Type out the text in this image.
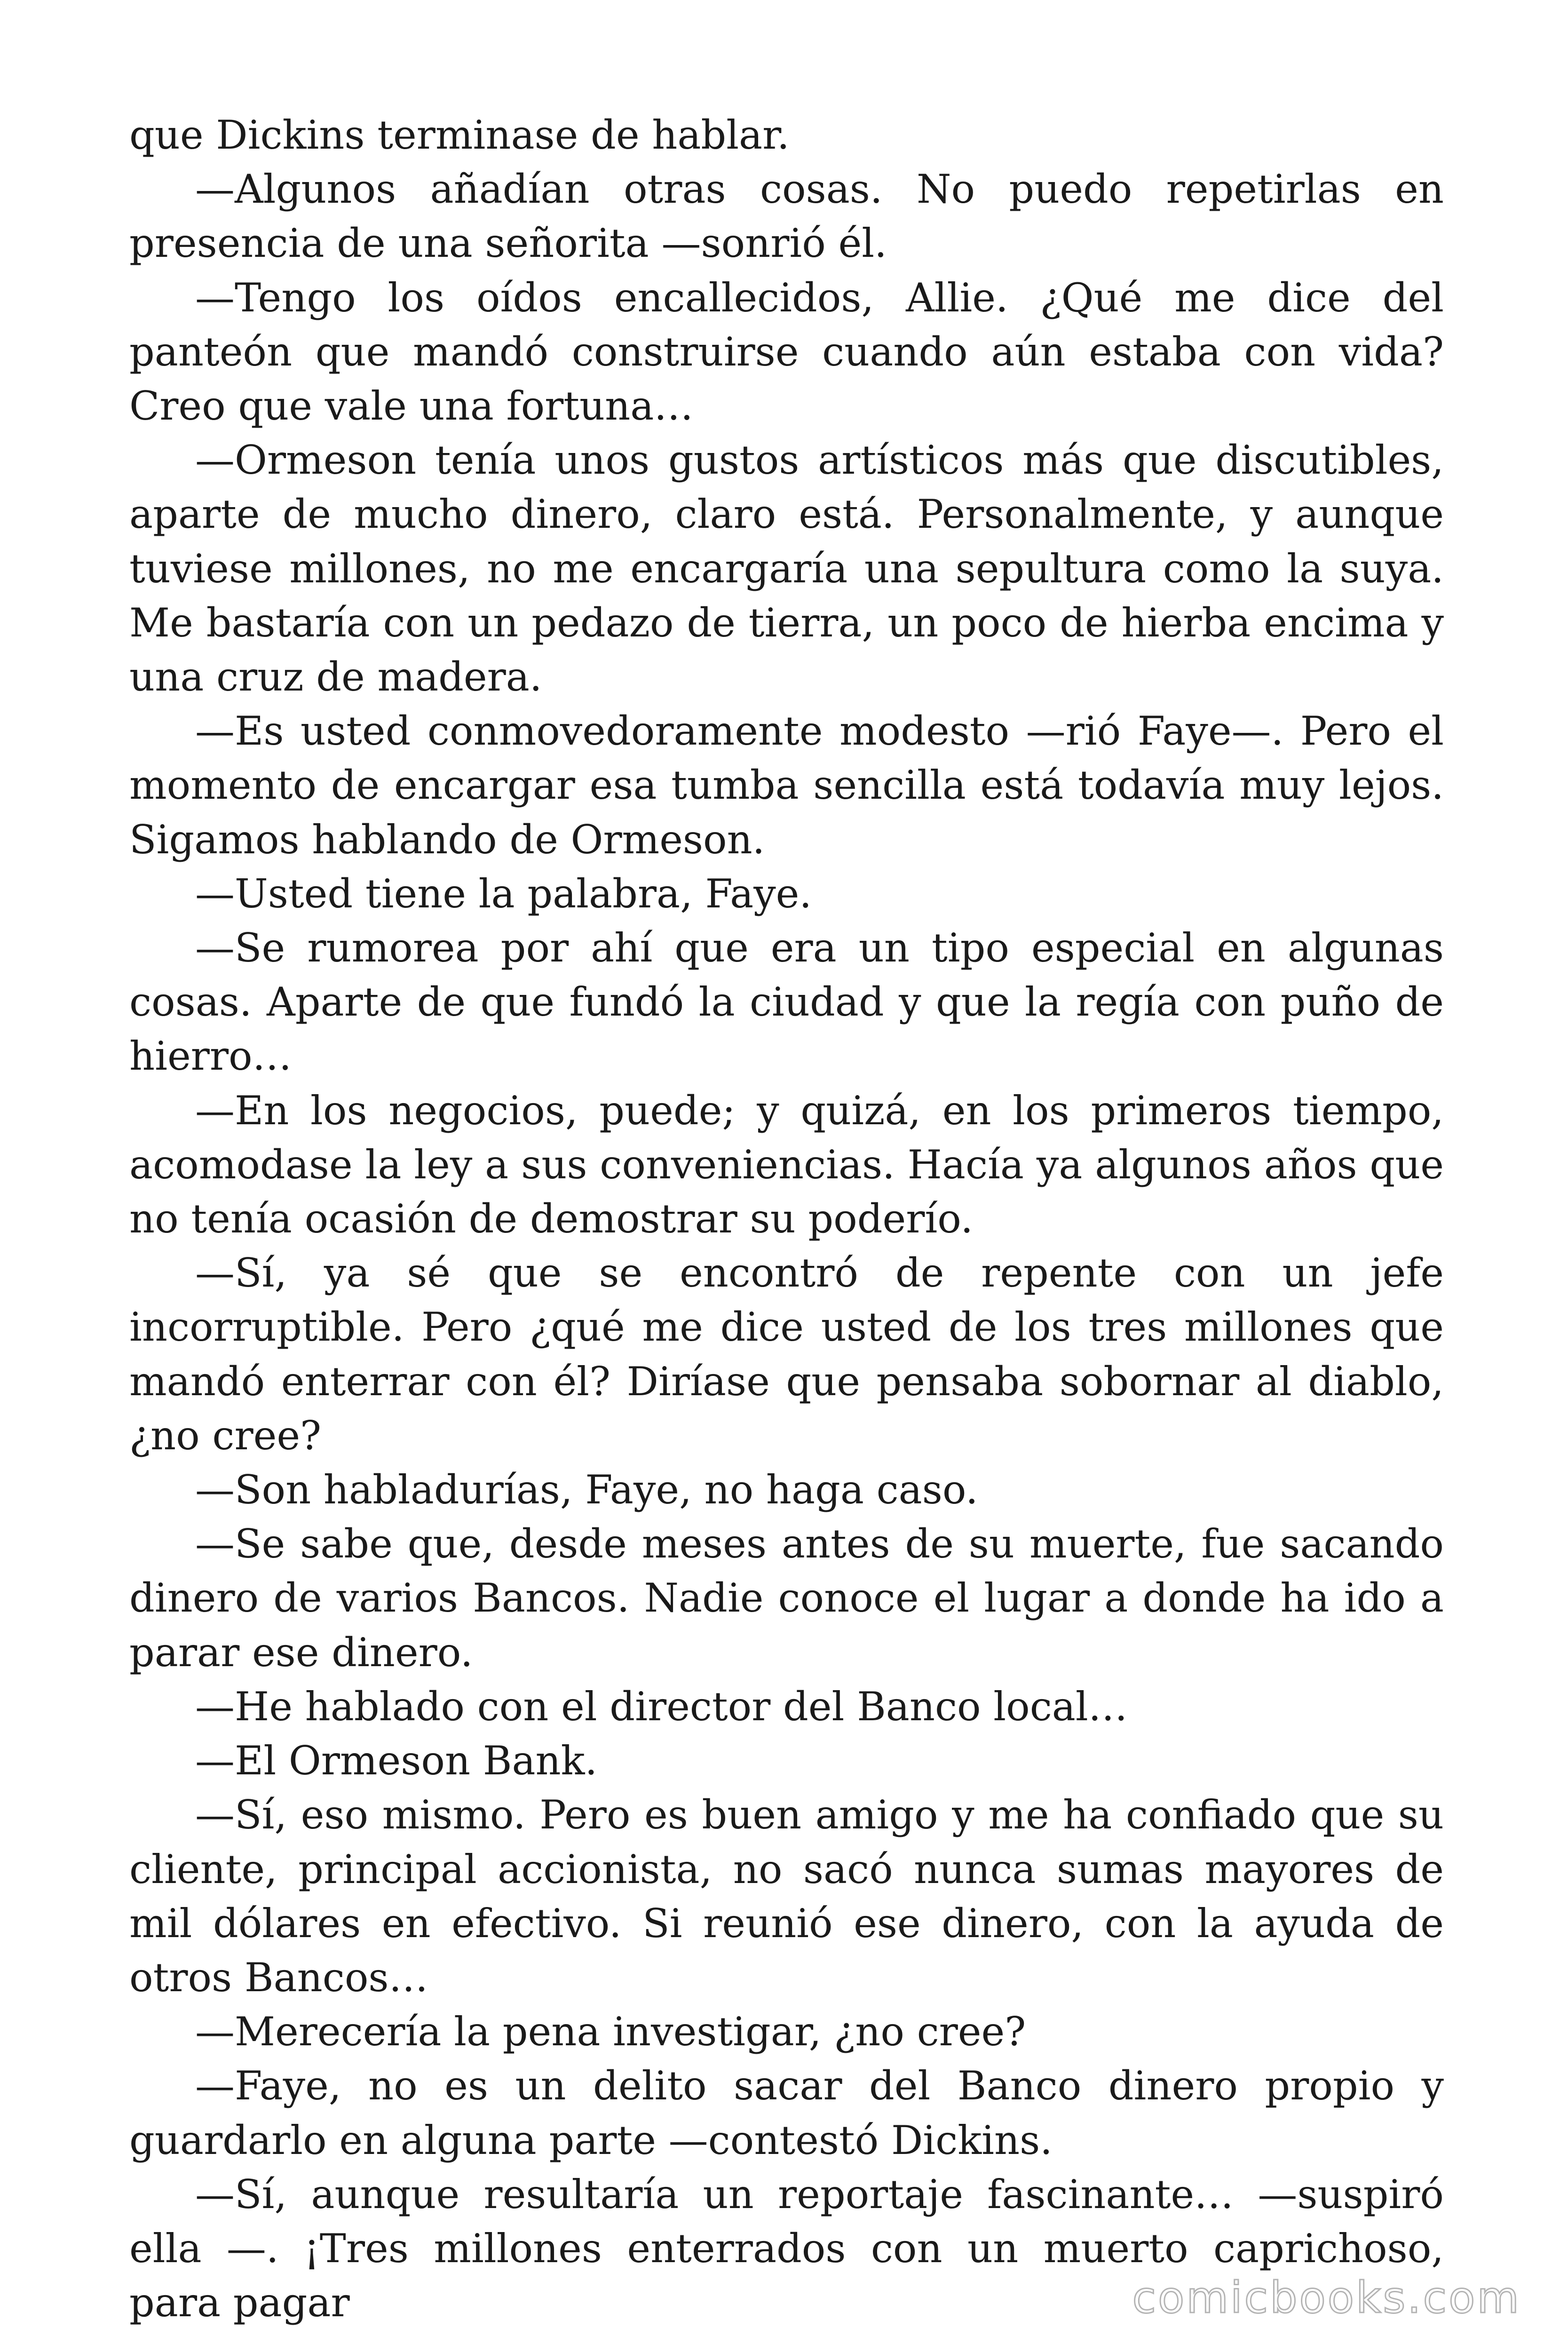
que Dickins terminase de hablar.

—Algunos añadían otras cosas. No puedo repetirlas en presencia de una señorita —sonrió él.

—Tengo los oídos encallecidos, Allie. ¿Qué me dice del panteón que mandó construirse cuando aún estaba con vida? Creo que vale una fortuna…

—Ormeson tenía unos gustos artísticos más que discutibles, aparte de mucho dinero, claro está. Personalmente, y aunque tuviese millones, no me encargaría una sepultura como la suya. Me bastaría con un pedazo de tierra, un poco de hierba encima y una cruz de madera.

—Es usted conmovedoramente modesto —rió Faye—. Pero el momento de encargar esa tumba sencilla está todavía muy lejos. Sigamos hablando de Ormeson.

—Usted tiene la palabra, Faye.

—Se rumorea por ahí que era un tipo especial en algunas cosas. Aparte de que fundó la ciudad y que la regía con puño de hierro…

—En los negocios, puede; y quizá, en los primeros tiempo, acomodase la ley a sus conveniencias. Hacía ya algunos años que no tenía ocasión de demostrar su poderío.

—Sí, ya sé que se encontró de repente con un jefe incorruptible. Pero ¿qué me dice usted de los tres millones que mandó enterrar con él? Diríase que pensaba sobornar al diablo, ¿no cree?

—Son habladurías, Faye, no haga caso.

—Se sabe que, desde meses antes de su muerte, fue sacando dinero de varios Bancos. Nadie conoce el lugar a donde ha ido a parar ese dinero.

—He hablado con el director del Banco local…

—El Ormeson Bank.

—Sí, eso mismo. Pero es buen amigo y me ha confiado que su cliente, principal accionista, no sacó nunca sumas mayores de mil dólares en efectivo. Si reunió ese dinero, con la ayuda de otros Bancos…

—Merecería la pena investigar, ¿no cree?

—Faye, no es un delito sacar del Banco dinero propio y guardarlo en alguna parte —contestó Dickins.

—Sí, aunque resultaría un reportaje fascinante… —suspiró ella —. ¡Tres millones enterrados con un muerto caprichoso, para pagar	comicbooks.com
